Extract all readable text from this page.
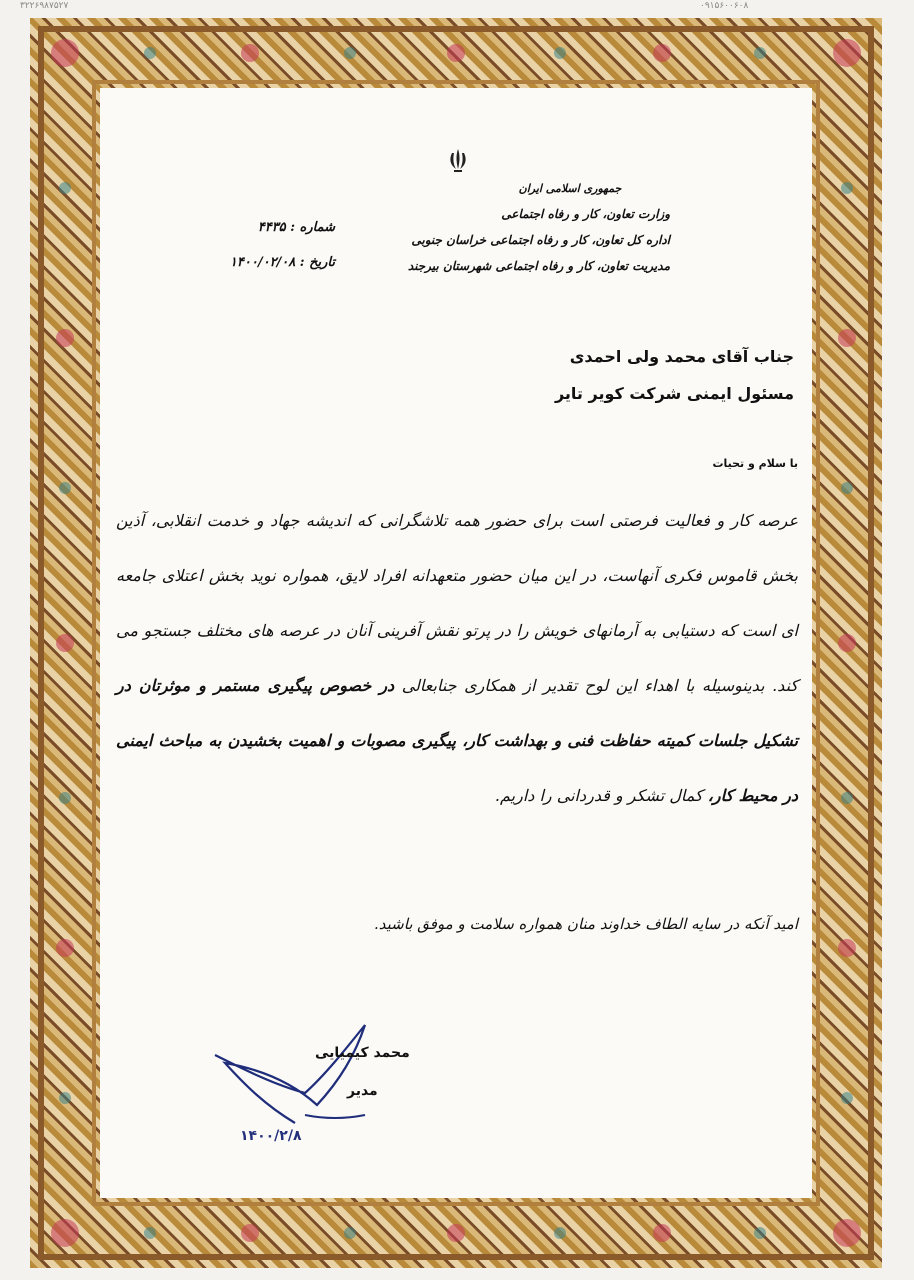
۳۲۲۶۹۸۷۵۲۷	۰۹۱۵۶۰۰۶۰۸
جمهوری اسلامی ایران
وزارت تعاون، کار و رفاه اجتماعی
اداره کل تعاون، کار و رفاه اجتماعی خراسان جنوبی
مدیریت تعاون، کار و رفاه اجتماعی شهرستان بیرجند
شماره : ۴۴۳۵
تاریخ : ۱۴۰۰/۰۲/۰۸
جناب آقای محمد ولی احمدی
مسئول ایمنی شرکت کویر تایر
با سلام و تحیات
عرصه کار و فعالیت فرصتی است برای حضور همه تلاشگرانی که اندیشه جهاد و خدمت انقلابی، آذین بخش قاموس فکری آنهاست، در این میان حضور متعهدانه افراد لایق، همواره نوید بخش اعتلای جامعه ای است که دستیابی به آرمانهای خویش را در پرتو نقش آفرینی آنان در عرصه های مختلف جستجو می کند. بدینوسیله با اهداء این لوح تقدیر از همکاری جنابعالی در خصوص پیگیری مستمر و موثرتان در تشکیل جلسات کمیته حفاظت فنی و بهداشت کار، پیگیری مصوبات و اهمیت بخشیدن به مباحث ایمنی در محیط کار، کمال تشکر و قدردانی را داریم.
امید آنکه در سایه الطاف خداوند منان همواره سلامت و موفق باشید.
محمد کیمیایی
مدیر
۱۴۰۰/۲/۸
